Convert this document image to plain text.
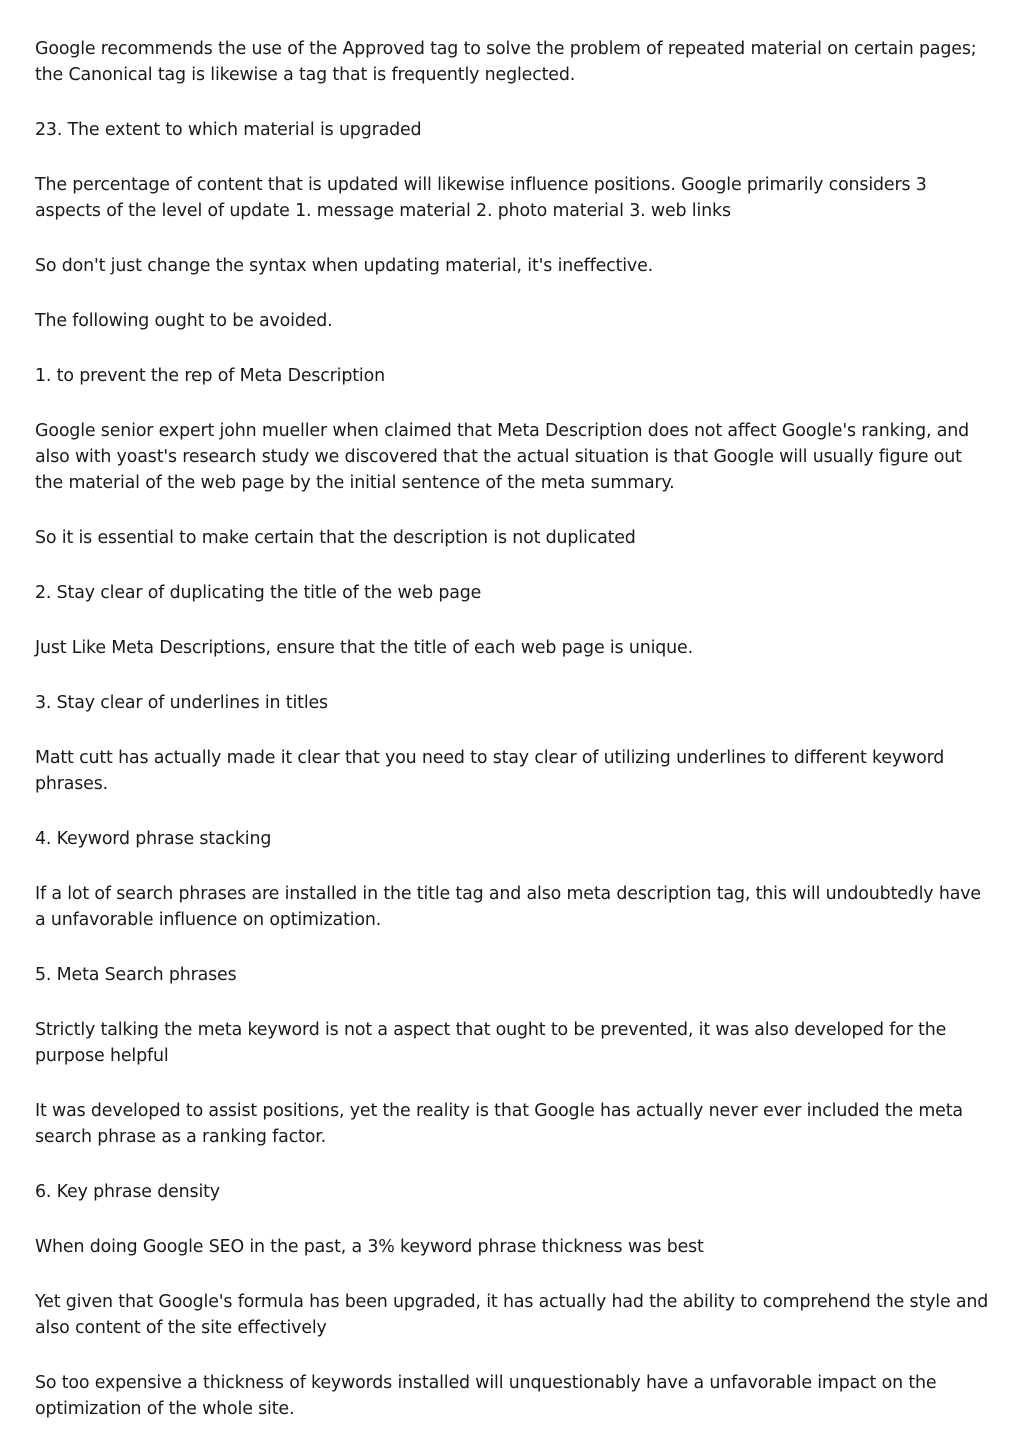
Google recommends the use of the Approved tag to solve the problem of repeated material on certain pages; the Canonical tag is likewise a tag that is frequently neglected.

23. The extent to which material is upgraded

The percentage of content that is updated will likewise influence positions. Google primarily considers 3 aspects of the level of update 1. message material 2. photo material 3. web links

So don't just change the syntax when updating material, it's ineffective.

The following ought to be avoided.

1. to prevent the rep of Meta Description

Google senior expert john mueller when claimed that Meta Description does not affect Google's ranking, and also with yoast's research study we discovered that the actual situation is that Google will usually figure out the material of the web page by the initial sentence of the meta summary.

So it is essential to make certain that the description is not duplicated

2. Stay clear of duplicating the title of the web page

Just Like Meta Descriptions, ensure that the title of each web page is unique.

3. Stay clear of underlines in titles

Matt cutt has actually made it clear that you need to stay clear of utilizing underlines to different keyword phrases.

4. Keyword phrase stacking

If a lot of search phrases are installed in the title tag and also meta description tag, this will undoubtedly have a unfavorable influence on optimization.

5. Meta Search phrases

Strictly talking the meta keyword is not a aspect that ought to be prevented, it was also developed for the purpose helpful

It was developed to assist positions, yet the reality is that Google has actually never ever included the meta search phrase as a ranking factor.

6. Key phrase density

When doing Google SEO in the past, a 3% keyword phrase thickness was best

Yet given that Google's formula has been upgraded, it has actually had the ability to comprehend the style and also content of the site effectively

So too expensive a thickness of keywords installed will unquestionably have a unfavorable impact on the optimization of the whole site.
